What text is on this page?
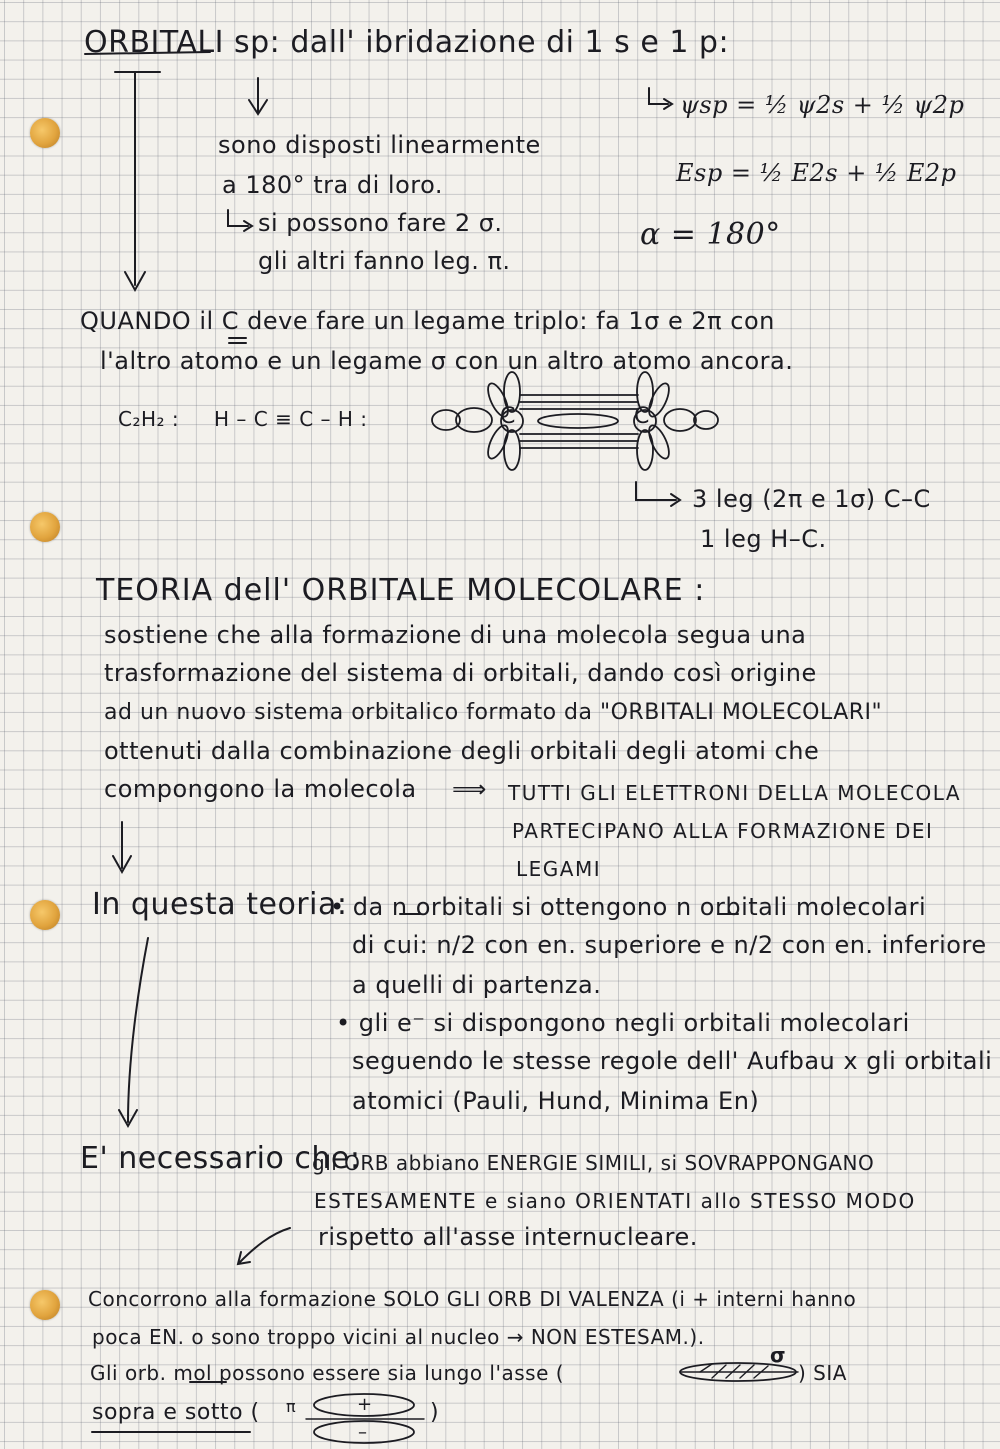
ORBITALI sp: dall' ibridazione di 1 s e 1 p:
sono disposti linearmente
a 180° tra di loro.
si possono fare 2 σ.
gli altri fanno leg. π.
ψsp = ½ ψ2s + ½ ψ2p
Esp = ½ E2s + ½ E2p
α = 180°
QUANDO il C deve fare un legame triplo: fa 1σ e 2π con
l'altro atomo e un legame σ con un altro atomo ancora.
C₂H₂ : H – C ≡ C – H :	C	C
3 leg (2π e 1σ) C–C
1 leg H–C.
TEORIA dell' ORBITALE MOLECOLARE :
sostiene che alla formazione di una molecola segua una
trasformazione del sistema di orbitali, dando così origine
ad un nuovo sistema orbitalico formato da "ORBITALI MOLECOLARI"
ottenuti dalla combinazione degli orbitali degli atomi che
compongono la molecola ⟹ TUTTI GLI ELETTRONI DELLA MOLECOLA
PARTECIPANO ALLA FORMAZIONE DEI
LEGAMI
In questa teoria:
• da n orbitali si ottengono n orbitali molecolari
di cui: n/2 con en. superiore e n/2 con en. inferiore
a quelli di partenza.
• gli e⁻ si dispongono negli orbitali molecolari
seguendo le stesse regole dell' Aufbau x gli orbitali
atomici (Pauli, Hund, Minima En)
E' necessario che:
gli ORB abbiano ENERGIE SIMILI, si SOVRAPPONGANO
ESTESAMENTE e siano ORIENTATI allo STESSO MODO
rispetto all'asse internucleare.
Concorrono alla formazione SOLO GLI ORB DI VALENZA (i + interni hanno
poca EN. o sono troppo vicini al nucleo → NON ESTESAM.).
Gli orb. mol possono essere sia lungo l'asse (
σ
) SIA
sopra e sotto ( π	+
–
)
